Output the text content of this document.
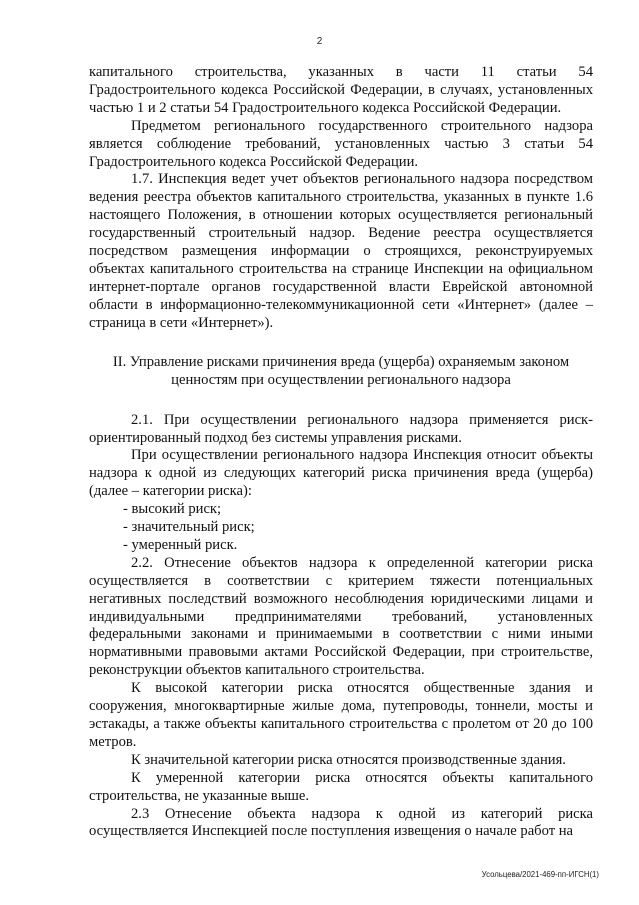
2

капитального строительства, указанных в части 11 статьи 54 Градостроительного кодекса Российской Федерации, в случаях, установленных частью 1 и 2 статьи 54 Градостроительного кодекса Российской Федерации.

Предметом регионального государственного строительного надзора является соблюдение требований, установленных частью 3 статьи 54 Градостроительного кодекса Российской Федерации.

1.7. Инспекция ведет учет объектов регионального надзора посредством ведения реестра объектов капитального строительства, указанных в пункте 1.6 настоящего Положения, в отношении которых осуществляется региональный государственный строительный надзор. Ведение реестра осуществляется посредством размещения информации о строящихся, реконструируемых объектах капитального строительства на странице Инспекции на официальном интернет-портале органов государственной власти Еврейской автономной области в информационно-телекоммуникационной сети «Интернет» (далее – страница в сети «Интернет»).

II. Управление рисками причинения вреда (ущерба) охраняемым законом ценностям при осуществлении регионального надзора

2.1. При осуществлении регионального надзора применяется риск-ориентированный подход без системы управления рисками.

При осуществлении регионального надзора Инспекция относит объекты надзора к одной из следующих категорий риска причинения вреда (ущерба) (далее – категории риска):

- высокий риск;

- значительный риск;

- умеренный риск.

2.2. Отнесение объектов надзора к определенной категории риска осуществляется в соответствии с критерием тяжести потенциальных негативных последствий возможного несоблюдения юридическими лицами и индивидуальными предпринимателями требований, установленных федеральными законами и принимаемыми в соответствии с ними иными нормативными правовыми актами Российской Федерации, при строительстве, реконструкции объектов капитального строительства.

К высокой категории риска относятся общественные здания и сооружения, многоквартирные жилые дома, путепроводы, тоннели, мосты и эстакады, а также объекты капитального строительства с пролетом от 20 до 100 метров.

К значительной категории риска относятся производственные здания.

К умеренной категории риска относятся объекты капитального строительства, не указанные выше.

2.3 Отнесение объекта надзора к одной из категорий риска осуществляется Инспекцией после поступления извещения о начале работ на

Усольцева/2021-469-пп-ИГСН(1)
